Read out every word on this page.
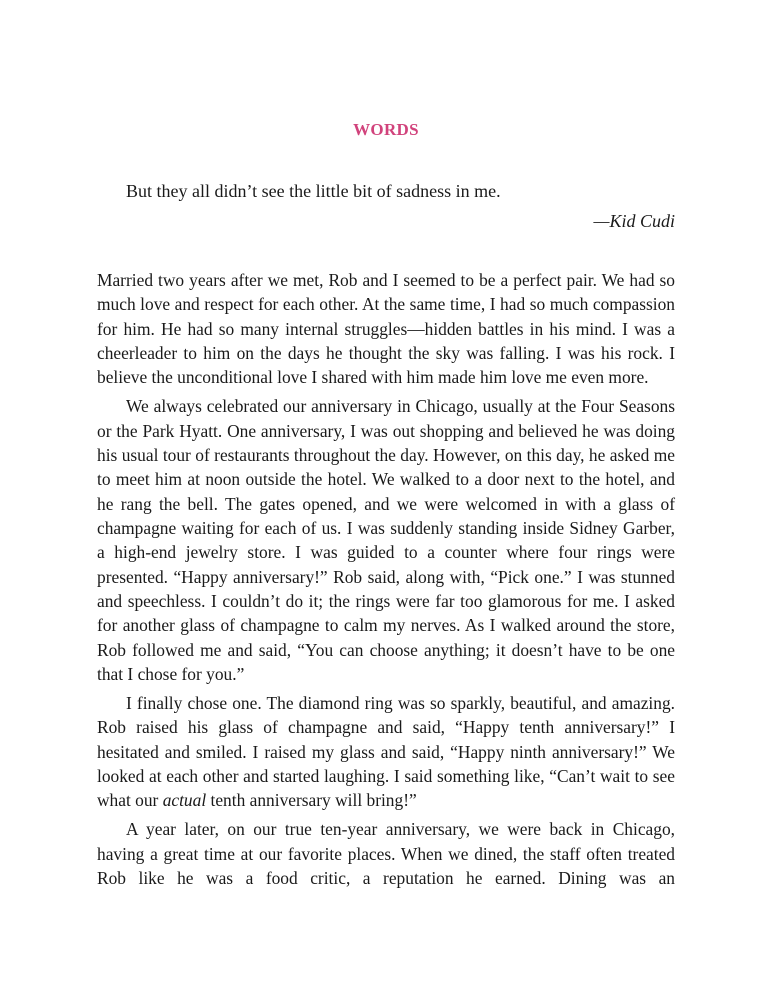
WORDS

But they all didn’t see the little bit of sadness in me.

—Kid Cudi

Married two years after we met, Rob and I seemed to be a perfect pair. We had so much love and respect for each other. At the same time, I had so much compassion for him. He had so many internal struggles—hidden battles in his mind. I was a cheerleader to him on the days he thought the sky was falling. I was his rock. I believe the unconditional love I shared with him made him love me even more.

We always celebrated our anniversary in Chicago, usually at the Four Seasons or the Park Hyatt. One anniversary, I was out shopping and believed he was doing his usual tour of restaurants throughout the day. However, on this day, he asked me to meet him at noon outside the hotel. We walked to a door next to the hotel, and he rang the bell. The gates opened, and we were welcomed in with a glass of champagne waiting for each of us. I was suddenly standing inside Sidney Garber, a high-end jewelry store. I was guided to a counter where four rings were presented. “Happy anniversary!” Rob said, along with, “Pick one.” I was stunned and speechless. I couldn’t do it; the rings were far too glamorous for me. I asked for another glass of champagne to calm my nerves. As I walked around the store, Rob followed me and said, “You can choose anything; it doesn’t have to be one that I chose for you.”

I finally chose one. The diamond ring was so sparkly, beautiful, and amazing. Rob raised his glass of champagne and said, “Happy tenth anniversary!” I hesitated and smiled. I raised my glass and said, “Happy ninth anniversary!” We looked at each other and started laughing. I said something like, “Can’t wait to see what our actual tenth anniversary will bring!”

A year later, on our true ten-year anniversary, we were back in Chicago, having a great time at our favorite places. When we dined, the staff often treated Rob like he was a food critic, a reputation he earned. Dining was an
